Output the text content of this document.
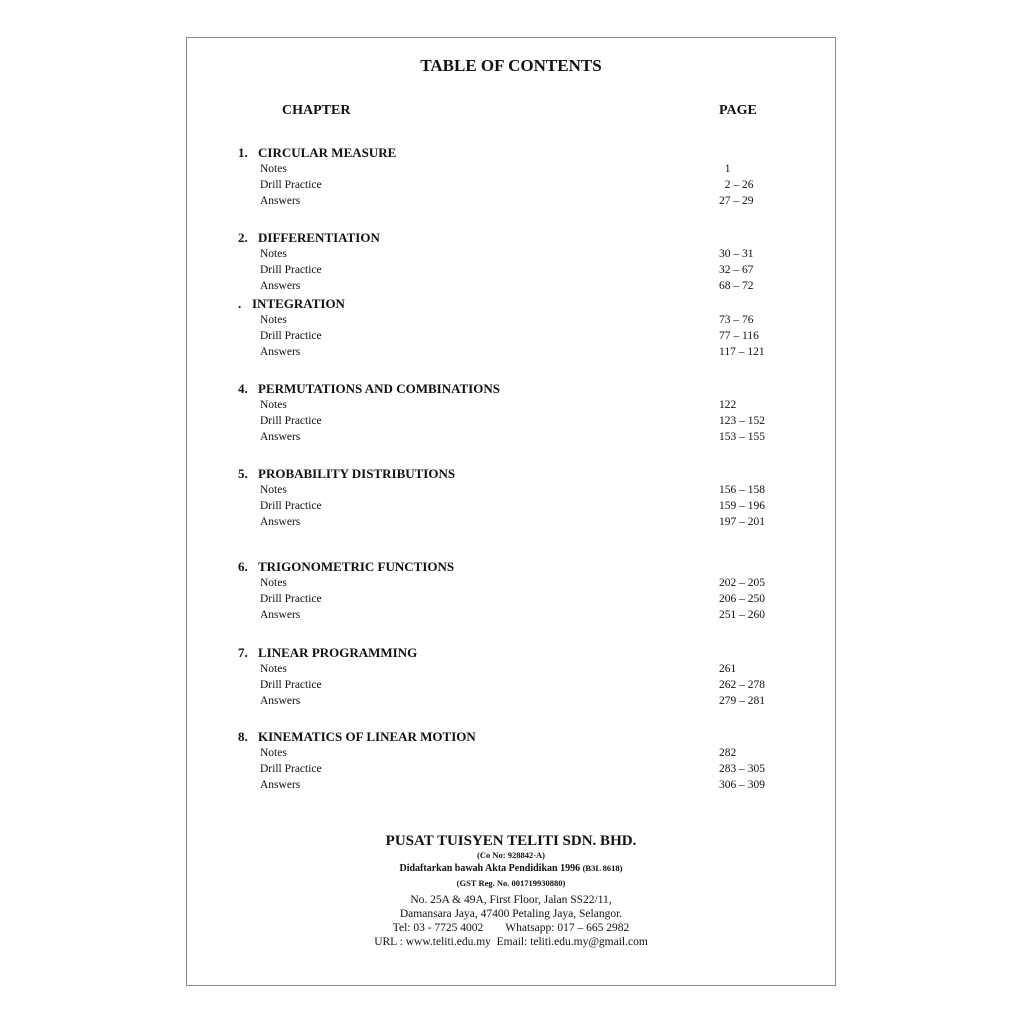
TABLE OF CONTENTS
CHAPTER	PAGE
1. CIRCULAR MEASURE
Notes	1
Drill Practice	2 – 26
Answers	27 – 29
2. DIFFERENTIATION
Notes	30 – 31
Drill Practice	32 – 67
Answers	68 – 72
. INTEGRATION
Notes	73 – 76
Drill Practice	77 – 116
Answers	117 – 121
4. PERMUTATIONS AND COMBINATIONS
Notes	122
Drill Practice	123 – 152
Answers	153 – 155
5. PROBABILITY DISTRIBUTIONS
Notes	156 – 158
Drill Practice	159 – 196
Answers	197 – 201
6. TRIGONOMETRIC FUNCTIONS
Notes	202 – 205
Drill Practice	206 – 250
Answers	251 – 260
7. LINEAR PROGRAMMING
Notes	261
Drill Practice	262 – 278
Answers	279 – 281
8. KINEMATICS OF LINEAR MOTION
Notes	282
Drill Practice	283 – 305
Answers	306 – 309
PUSAT TUISYEN TELITI SDN. BHD.
(Co No: 928842-A)
Didaftarkan bawah Akta Pendidikan 1996 (B3L 8618)
(GST Reg. No. 001719930880)
No. 25A & 49A, First Floor, Jalan SS22/11,
Damansara Jaya, 47400 Petaling Jaya, Selangor.
Tel: 03 - 7725 4002 Whatsapp: 017 – 665 2982
URL : www.teliti.edu.my Email: teliti.edu.my@gmail.com
